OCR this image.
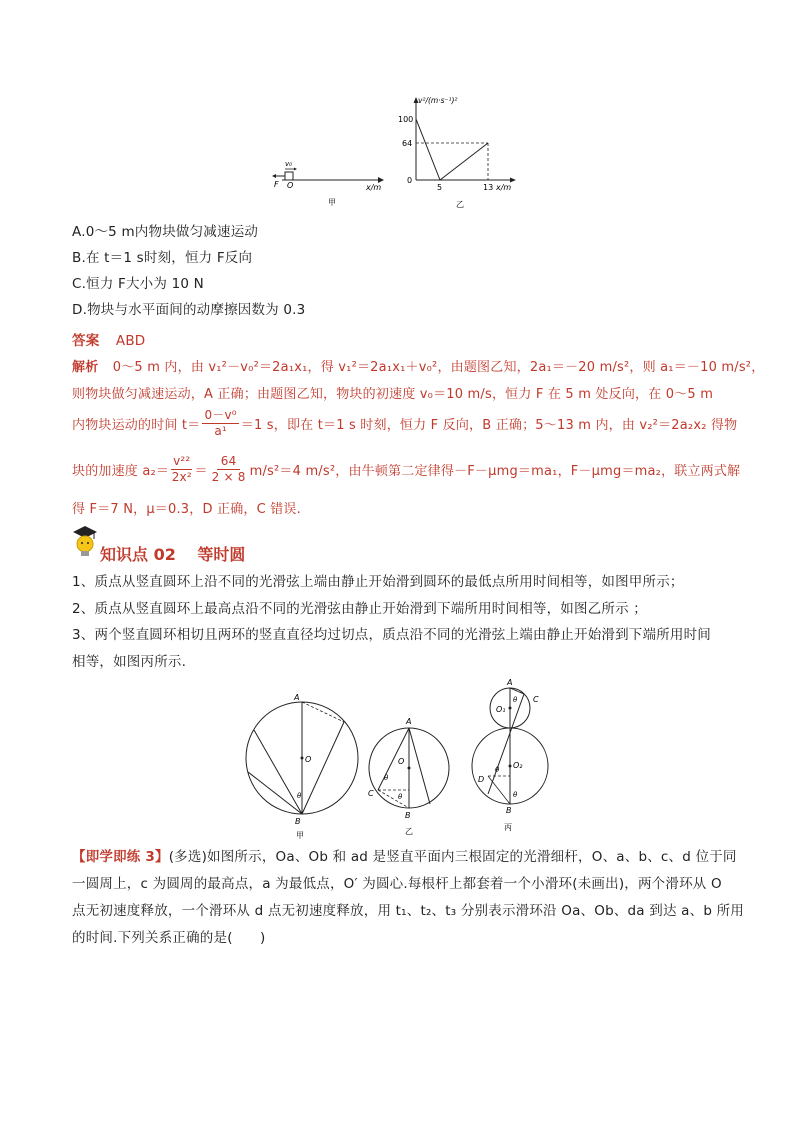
v₀
F O	x/m
甲
v²/(m·s⁻¹)²
100
64
0
5	13 x/m
乙
A.0～5 m内物块做匀减速运动
B.在 t＝1 s时刻，恒力 F反向
C.恒力 F大小为 10 N
D.物块与水平面间的动摩擦因数为 0.3
答案 ABD
解析 0～5 m 内，由 v₁²－v₀²＝2a₁x₁，得 v₁²＝2a₁x₁＋v₀²，由题图乙知，2a₁＝－20 m/s²，则 a₁＝－10 m/s²，
则物块做匀减速运动，A 正确；由题图乙知，物块的初速度 v₀＝10 m/s，恒力 F 在 5 m 处反向，在 0～5 m
内物块运动的时间 t＝
0－v⁰
a¹ ＝1 s，即在 t＝1 s 时刻，恒力 F 反向，B 正确；5～13 m 内，由 v₂²＝2a₂x₂ 得物
块的加速度 a₂＝
v²²
2x² ＝
64
2 × 8 m/s²＝4 m/s²，由牛顿第二定律得－F－μmg＝ma₁，F－μmg＝ma₂，联立两式解
得 F＝7 N，μ＝0.3，D 正确，C 错误.
知识点 02　 等时圆
1、质点从竖直圆环上沿不同的光滑弦上端由静止开始滑到圆环的最低点所用时间相等，如图甲所示；
2、质点从竖直圆环上最高点沿不同的光滑弦由静止开始滑到下端所用时间相等，如图乙所示 ；
3、两个竖直圆环相切且两环的竖直直径均过切点，质点沿不同的光滑弦上端由静止开始滑到下端所用时间
相等，如图丙所示.
A
O
θ
B
甲
A
O
θ
θ
C
B
乙
A
C
O₁
θ
O₂
θ
θ
D
B
丙
【即学即练 3】(多选)如图所示，Oa、Ob 和 ad 是竖直平面内三根固定的光滑细杆，O、a、b、c、d 位于同
一圆周上，c 为圆周的最高点，a 为最低点，O′ 为圆心.每根杆上都套着一个小滑环(未画出)，两个滑环从 O
点无初速度释放，一个滑环从 d 点无初速度释放，用 t₁、t₂、t₃ 分别表示滑环沿 Oa、Ob、da 到达 a、b 所用
的时间.下列关系正确的是(　　)
